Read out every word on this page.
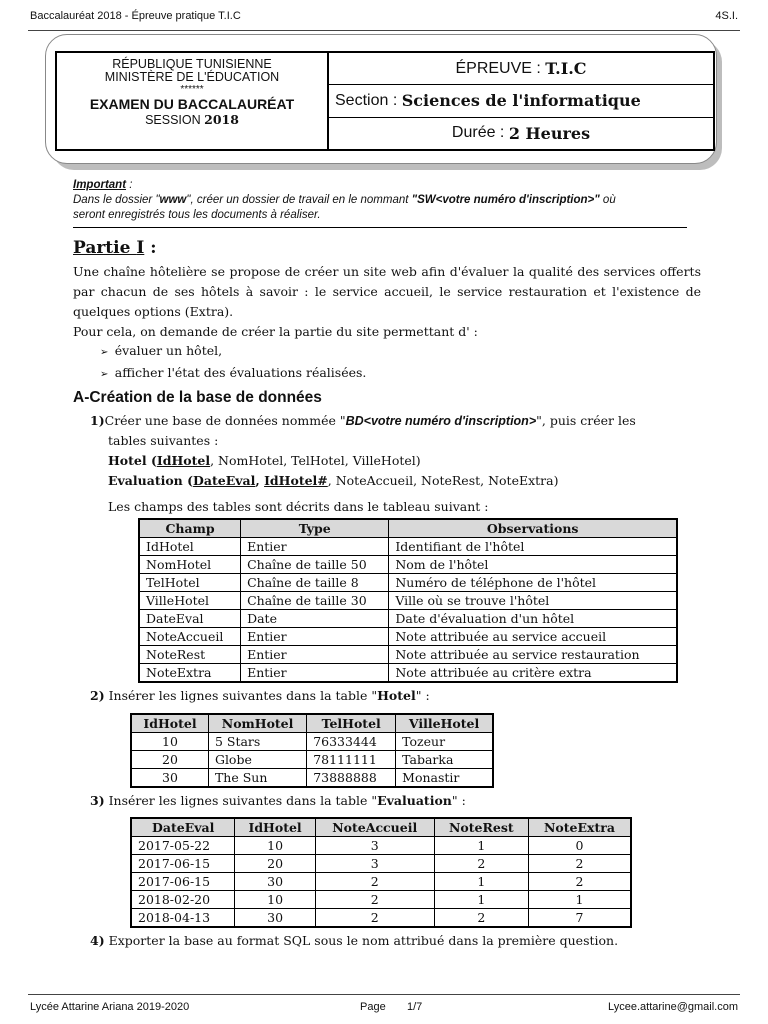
Baccalauréat 2018 - Épreuve pratique T.I.C	4S.I.
RÉPUBLIQUE TUNISIENNE
MINISTÈRE DE L'ÉDUCATION
******
EXAMEN DU BACCALAURÉAT
SESSION 2018
ÉPREUVE :
T.I.C
Section :
Sciences de l'informatique
Durée :
2 Heures
Important :
Dans le dossier "www", créer un dossier de travail en le nommant "SW<votre numéro d'inscription>" où
seront enregistrés tous les documents à réaliser.
Partie I :
Une chaîne hôtelière se propose de créer un site web afin d'évaluer la qualité des services offerts par chacun de ses hôtels à savoir : le service accueil, le service restauration et l'existence de quelques options (Extra).
Pour cela, on demande de créer la partie du site permettant d' :
➢  évaluer un hôtel,
➢  afficher l'état des évaluations réalisées.
A-Création de la base de données
1)Créer une base de données nommée "BD<votre numéro d'inscription>", puis créer les
tables suivantes :
Hotel (IdHotel, NomHotel, TelHotel, VilleHotel)
Evaluation (DateEval, IdHotel#, NoteAccueil, NoteRest, NoteExtra)
Les champs des tables sont décrits dans le tableau suivant :
Champ	Type	Observations
IdHotel	Entier	Identifiant de l'hôtel
NomHotel	Chaîne de taille 50	Nom de l'hôtel
TelHotel	Chaîne de taille 8	Numéro de téléphone de l'hôtel
VilleHotel	Chaîne de taille 30	Ville où se trouve l'hôtel
DateEval	Date	Date d'évaluation d'un hôtel
NoteAccueil	Entier	Note attribuée au service accueil
NoteRest	Entier	Note attribuée au service restauration
NoteExtra	Entier	Note attribuée au critère extra
2) Insérer les lignes suivantes dans la table "Hotel" :
IdHotel	NomHotel	TelHotel	VilleHotel
10	5 Stars	76333444	Tozeur
20	Globe	78111111	Tabarka
30	The Sun	73888888	Monastir
3) Insérer les lignes suivantes dans la table "Evaluation" :
DateEval	IdHotel	NoteAccueil	NoteRest	NoteExtra
2017-05-22	10	3	1	0
2017-06-15	20	3	2	2
2017-06-15	30	2	1	2
2018-02-20	10	2	1	1
2018-04-13	30	2	2	7
4) Exporter la base au format SQL sous le nom attribué dans la première question.
Lycée Attarine Ariana 2019-2020	Page 1/7	Lycee.attarine@gmail.com
